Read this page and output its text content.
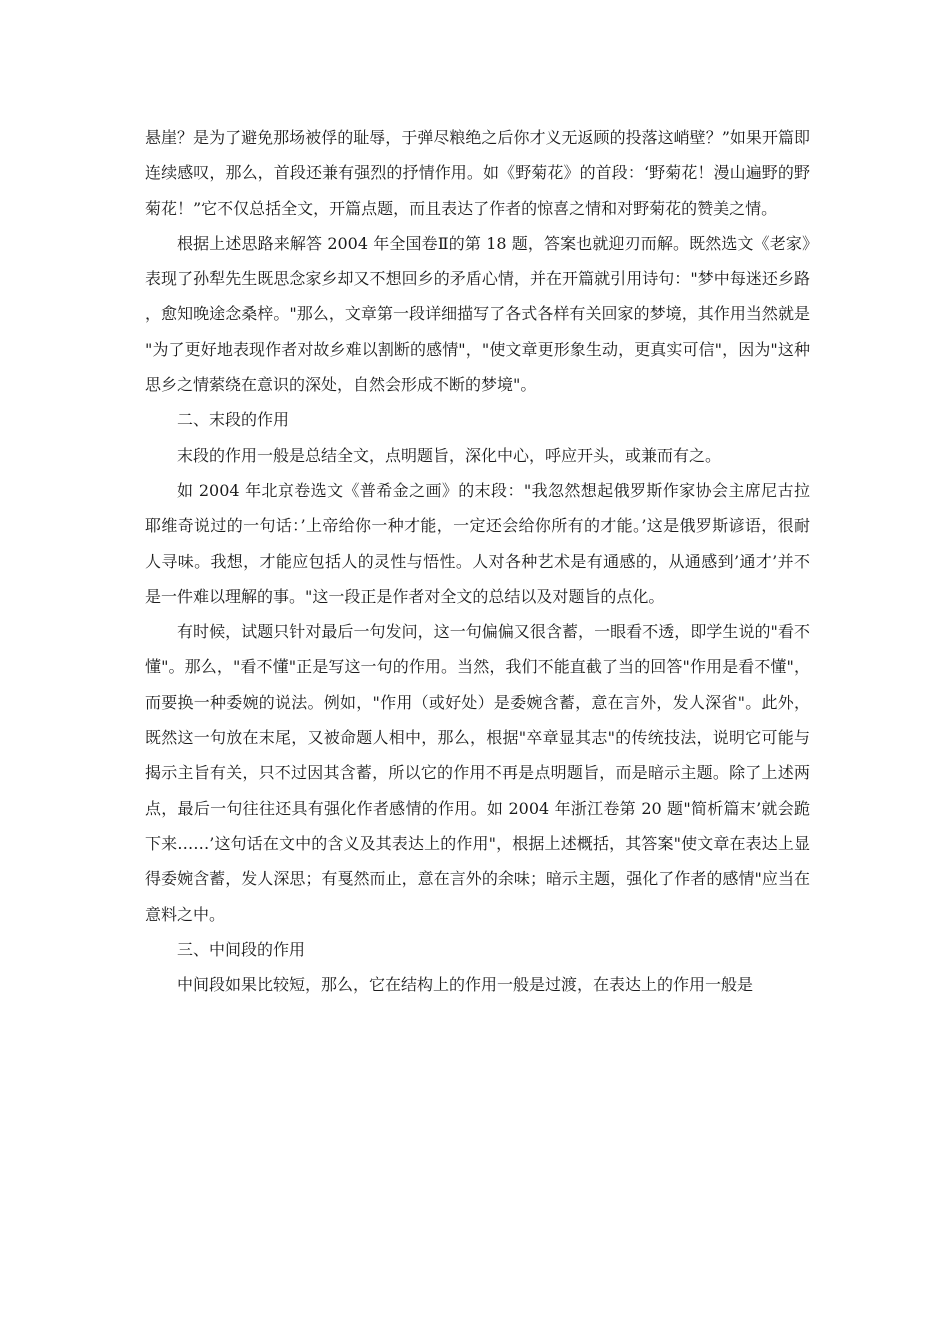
悬崖？是为了避免那场被俘的耻辱，于弹尽粮绝之后你才义无返顾的投落这峭壁？”如果开篇即连续感叹，那么，首段还兼有强烈的抒情作用。如《野菊花》的首段：‘野菊花！漫山遍野的野菊花！”它不仅总括全文，开篇点题，而且表达了作者的惊喜之情和对野菊花的赞美之情。

根据上述思路来解答 2004 年全国卷Ⅱ的第 18 题，答案也就迎刃而解。既然选文《老家》表现了孙犁先生既思念家乡却又不想回乡的矛盾心情，并在开篇就引用诗句："梦中每迷还乡路，愈知晚途念桑梓。"那么，文章第一段详细描写了各式各样有关回家的梦境，其作用当然就是"为了更好地表现作者对故乡难以割断的感情"，"使文章更形象生动，更真实可信"，因为"这种思乡之情萦绕在意识的深处，自然会形成不断的梦境"。

二、末段的作用

末段的作用一般是总结全文，点明题旨，深化中心，呼应开头，或兼而有之。

如 2004 年北京卷选文《普希金之画》的末段："我忽然想起俄罗斯作家协会主席尼古拉耶维奇说过的一句话：’上帝给你一种才能，一定还会给你所有的才能。’这是俄罗斯谚语，很耐人寻味。我想，才能应包括人的灵性与悟性。人对各种艺术是有通感的，从通感到’通才’并不是一件难以理解的事。"这一段正是作者对全文的总结以及对题旨的点化。

有时候，试题只针对最后一句发问，这一句偏偏又很含蓄，一眼看不透，即学生说的"看不懂"。那么，"看不懂"正是写这一句的作用。当然，我们不能直截了当的回答"作用是看不懂"，而要换一种委婉的说法。例如，"作用（或好处）是委婉含蓄，意在言外，发人深省"。此外，既然这一句放在末尾，又被命题人相中，那么，根据"卒章显其志"的传统技法，说明它可能与揭示主旨有关，只不过因其含蓄，所以它的作用不再是点明题旨，而是暗示主题。除了上述两点，最后一句往往还具有强化作者感情的作用。如 2004 年浙江卷第 20 题"简析篇末’就会跪下来……’这句话在文中的含义及其表达上的作用"，根据上述概括，其答案"使文章在表达上显得委婉含蓄，发人深思；有戛然而止，意在言外的余味；暗示主题，强化了作者的感情"应当在意料之中。

三、中间段的作用

中间段如果比较短，那么，它在结构上的作用一般是过渡，在表达上的作用一般是
